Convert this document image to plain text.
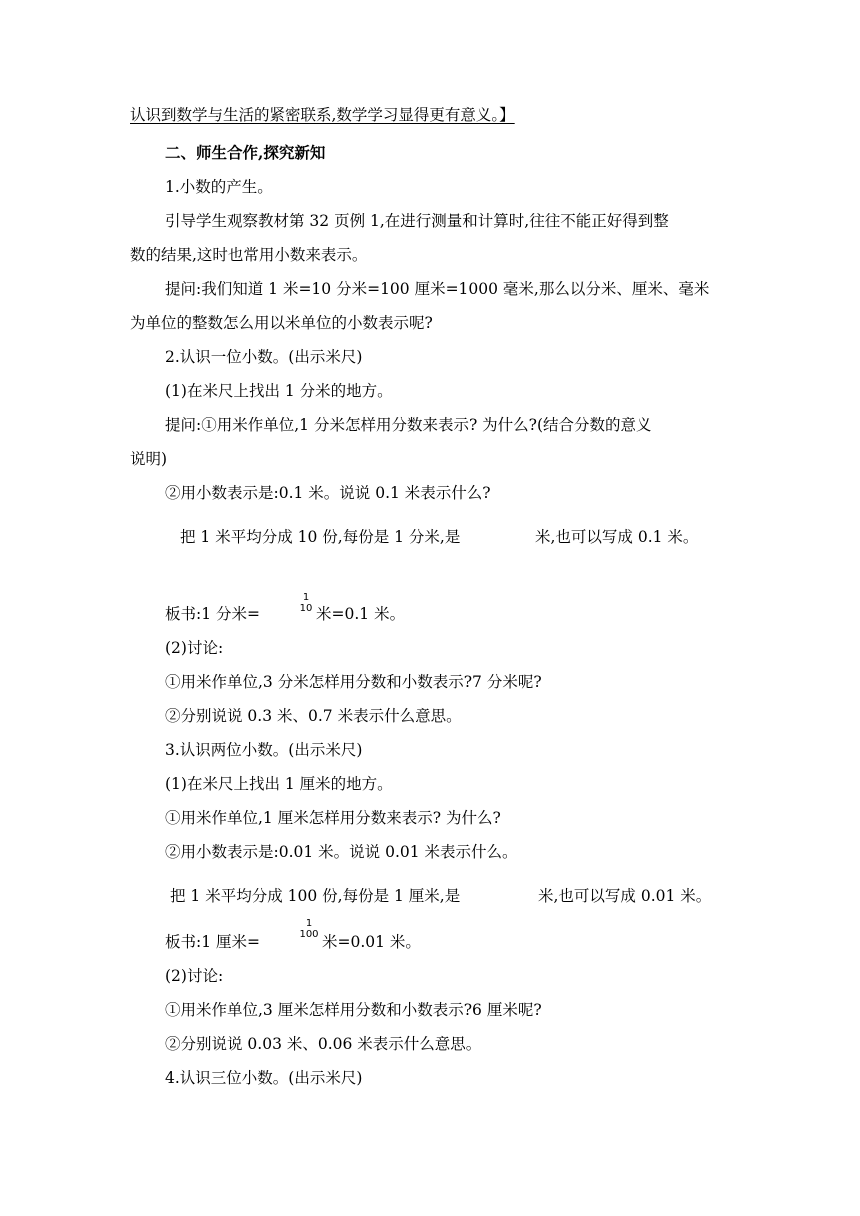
认识到数学与生活的紧密联系,数学学习显得更有意义。】
二、师生合作,探究新知
1.小数的产生。
引导学生观察教材第 32 页例 1,在进行测量和计算时,往往不能正好得到整
数的结果,这时也常用小数来表示。
提问:我们知道 1 米=10 分米=100 厘米=1000 毫米,那么以分米、厘米、毫米
为单位的整数怎么用以米单位的小数表示呢?
2.认识一位小数。(出示米尺)
(1)在米尺上找出 1 分米的地方。
提问:①用米作单位,1 分米怎样用分数来表示? 为什么?(结合分数的意义
说明)
②用小数表示是:0.1 米。说说 0.1 米表示什么?
把 1 米平均分成 10 份,每份是 1 分米,是	米,也可以写成 0.1 米。
板书:1 分米=
1
10 米=0.1 米。
(2)讨论:
①用米作单位,3 分米怎样用分数和小数表示?7 分米呢?
②分别说说 0.3 米、0.7 米表示什么意思。
3.认识两位小数。(出示米尺)
(1)在米尺上找出 1 厘米的地方。
①用米作单位,1 厘米怎样用分数来表示? 为什么?
②用小数表示是:0.01 米。说说 0.01 米表示什么。
把 1 米平均分成 100 份,每份是 1 厘米,是	米,也可以写成 0.01 米。
板书:1 厘米=
1
100 米=0.01 米。
(2)讨论:
①用米作单位,3 厘米怎样用分数和小数表示?6 厘米呢?
②分别说说 0.03 米、0.06 米表示什么意思。
4.认识三位小数。(出示米尺)
